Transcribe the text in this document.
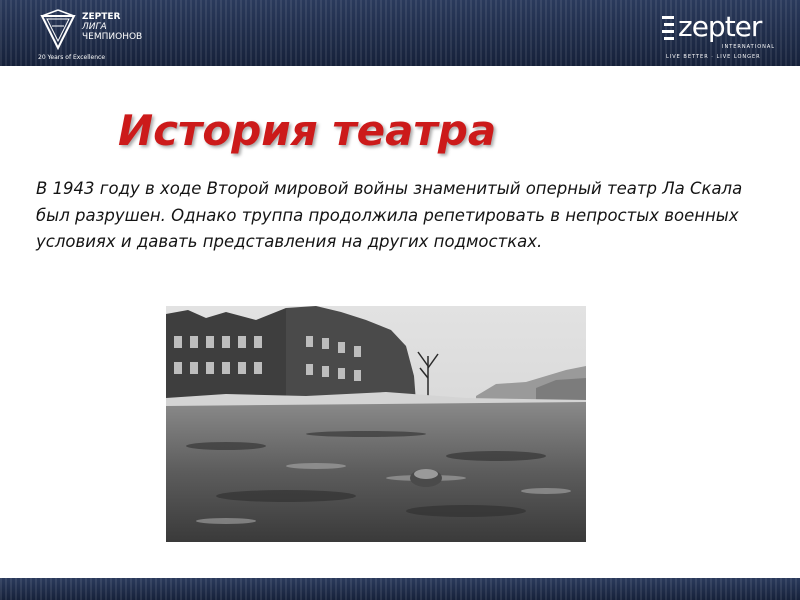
ZEPTER
ЛИГА
ЧЕМПИОНОВ
20 Years of Excellence
zepter
INTERNATIONAL
LIVE BETTER · LIVE LONGER
История театра

В 1943 году в ходе Второй мировой войны знаменитый оперный театр Ла Скала был разрушен. Однако труппа продолжила репетировать в непростых военных условиях и давать представления на других подмостках.
